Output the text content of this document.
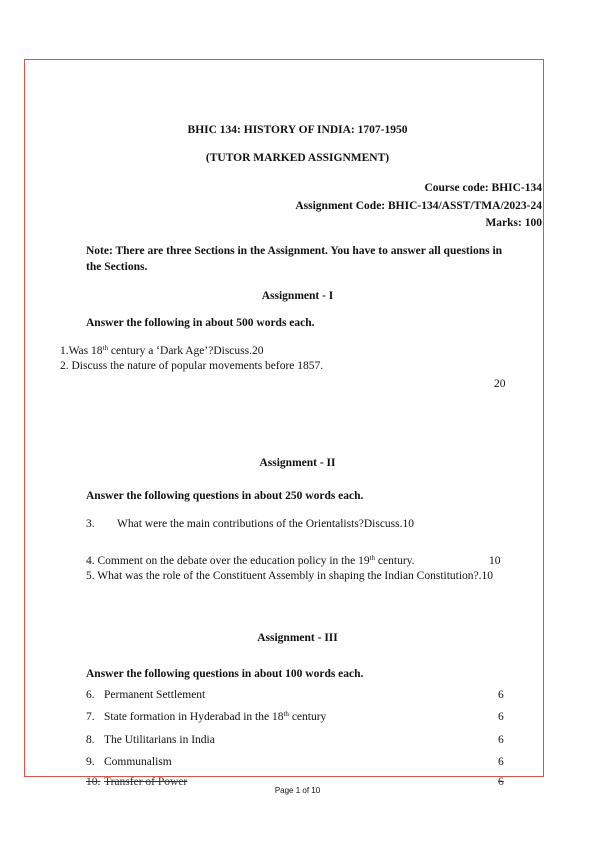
BHIC 134: HISTORY OF INDIA: 1707-1950
(TUTOR MARKED ASSIGNMENT)
Course code: BHIC-134
Assignment Code: BHIC-134/ASST/TMA/2023-24
Marks: 100
Note: There are three Sections in the Assignment. You have to answer all questions in
the Sections.
Assignment - I
Answer the following in about 500 words each.
1.Was 18th century a ‘Dark Age’?Discuss.20
2. Discuss the nature of popular movements before 1857.
20
Assignment - II
Answer the following questions in about 250 words each.
3. What were the main contributions of the Orientalists?Discuss.10
4. Comment on the debate over the education policy in the 19th century.	10
5. What was the role of the Constituent Assembly in shaping the Indian Constitution?.10
Assignment - III
Answer the following questions in about 100 words each.
6. Permanent Settlement	6
7. State formation in Hyderabad in the 18th century	6
8. The Utilitarians in India	6
9. Communalism	6
10. Transfer of Power	6
Page 1 of 10
